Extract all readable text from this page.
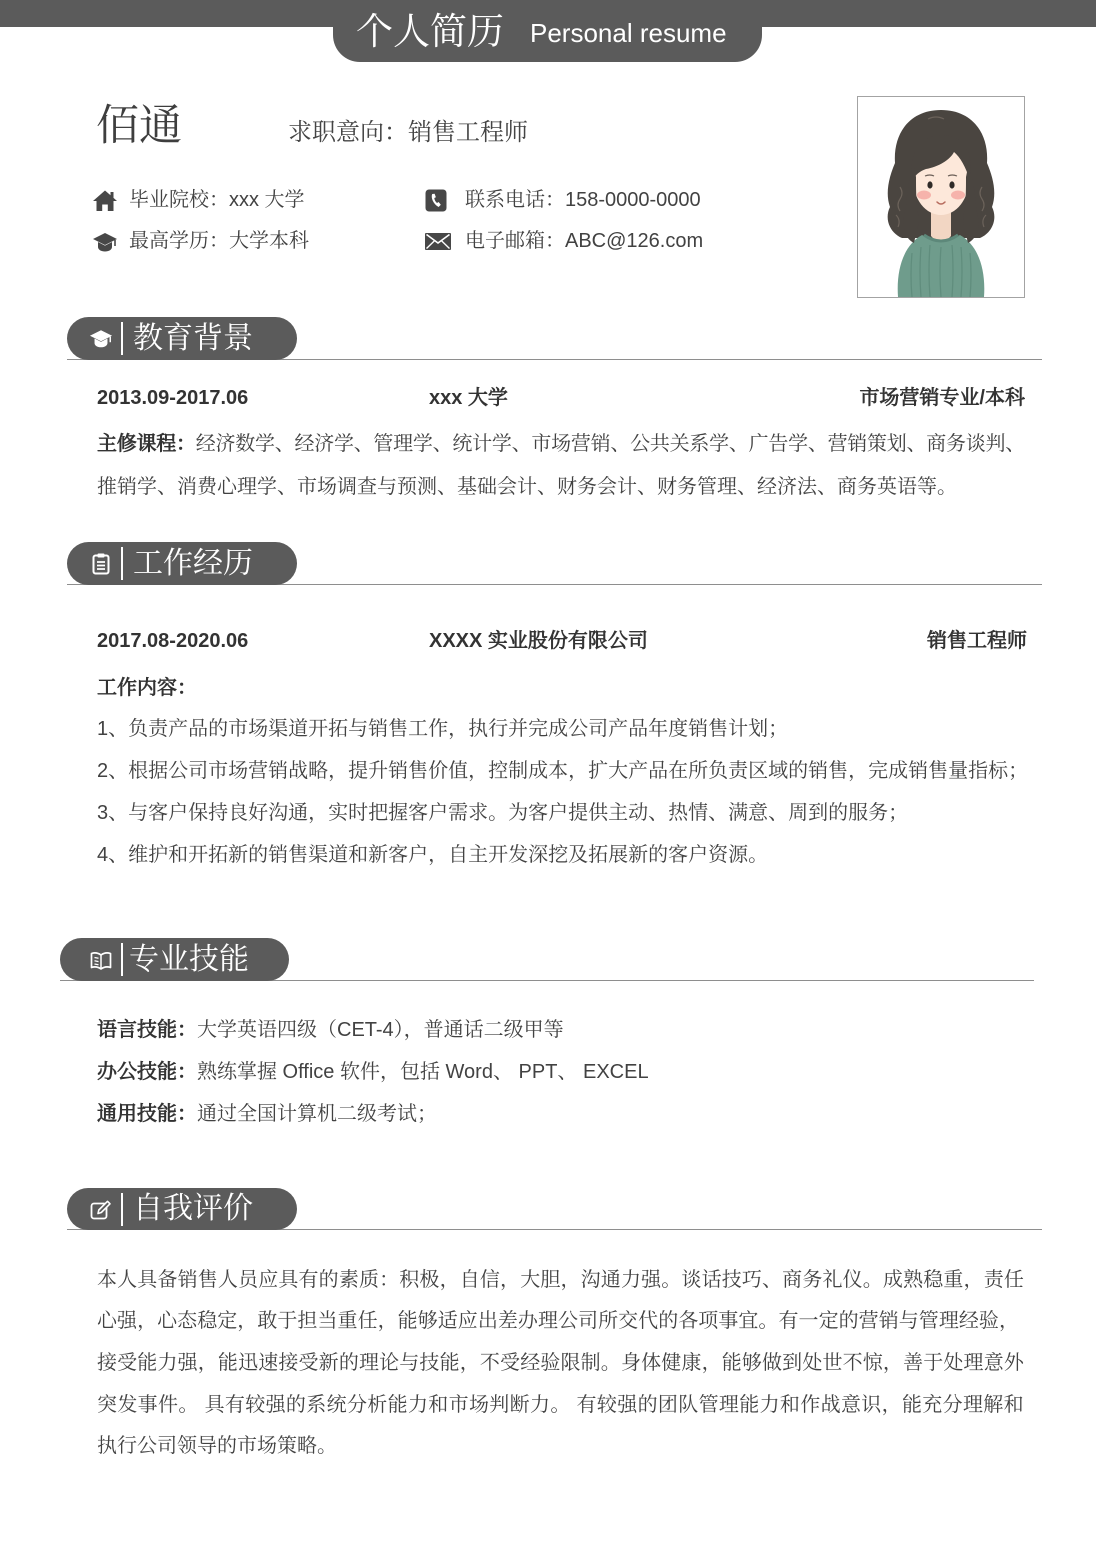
个人简历 Personal resume
佰通	求职意向：销售工程师
毕业院校：xxx 大学	联系电话：158-0000-0000
最高学历：大学本科	电子邮箱：ABC@126.com
教育背景
2013.09-2017.06	xxx 大学	市场营销专业/本科
主修课程：经济数学、经济学、管理学、统计学、市场营销、公共关系学、广告学、营销策划、商务谈判、
推销学、消费心理学、市场调查与预测、基础会计、财务会计、财务管理、经济法、商务英语等。
工作经历
2017.08-2020.06	XXXX 实业股份有限公司	销售工程师
工作内容：
1、负责产品的市场渠道开拓与销售工作，执行并完成公司产品年度销售计划；
2、根据公司市场营销战略，提升销售价值，控制成本，扩大产品在所负责区域的销售，完成销售量指标；
3、与客户保持良好沟通，实时把握客户需求。为客户提供主动、热情、满意、周到的服务；
4、维护和开拓新的销售渠道和新客户，自主开发深挖及拓展新的客户资源。
专业技能
语言技能：大学英语四级（CET-4），普通话二级甲等
办公技能：熟练掌握 Office 软件，包括 Word、 PPT、 EXCEL
通用技能：通过全国计算机二级考试；
自我评价
本人具备销售人员应具有的素质：积极，自信，大胆，沟通力强。谈话技巧、商务礼仪。成熟稳重，责任
心强，心态稳定，敢于担当重任，能够适应出差办理公司所交代的各项事宜。有一定的营销与管理经验，
接受能力强，能迅速接受新的理论与技能，不受经验限制。身体健康，能够做到处世不惊，善于处理意外
突发事件。 具有较强的系统分析能力和市场判断力。 有较强的团队管理能力和作战意识，能充分理解和
执行公司领导的市场策略。
